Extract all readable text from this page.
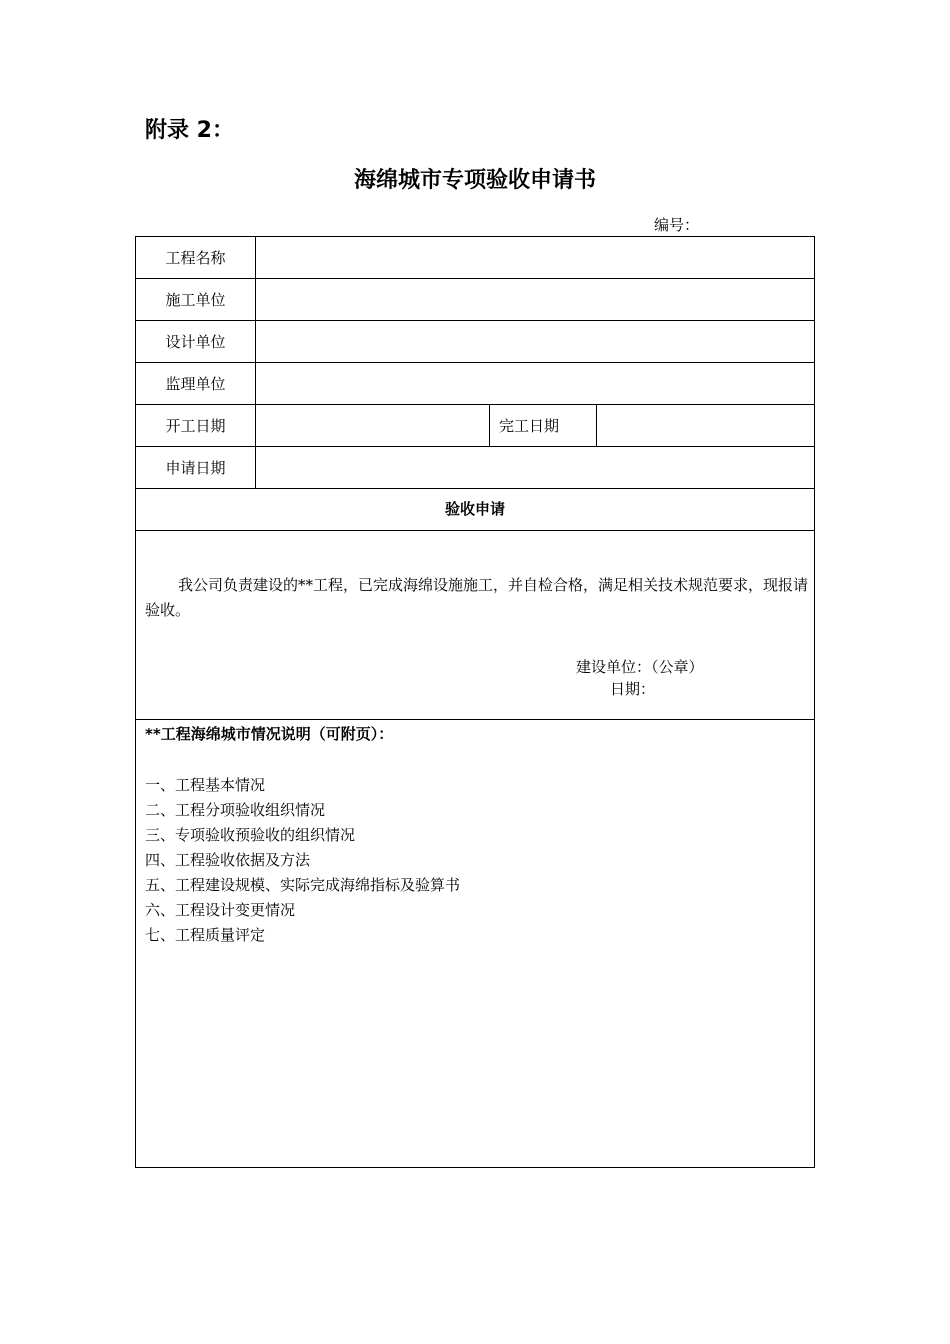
附录 2：
海绵城市专项验收申请书
编号：
工程名称
施工单位
设计单位
监理单位
开工日期	完工日期
申请日期
验收申请
我公司负责建设的**工程，已完成海绵设施施工，并自检合格，满足相关技术规范要求，现报请验收。
建设单位：（公章）
日期：
**工程海绵城市情况说明（可附页）：
一、工程基本情况
二、工程分项验收组织情况
三、专项验收预验收的组织情况
四、工程验收依据及方法
五、工程建设规模、实际完成海绵指标及验算书
六、工程设计变更情况
七、工程质量评定
